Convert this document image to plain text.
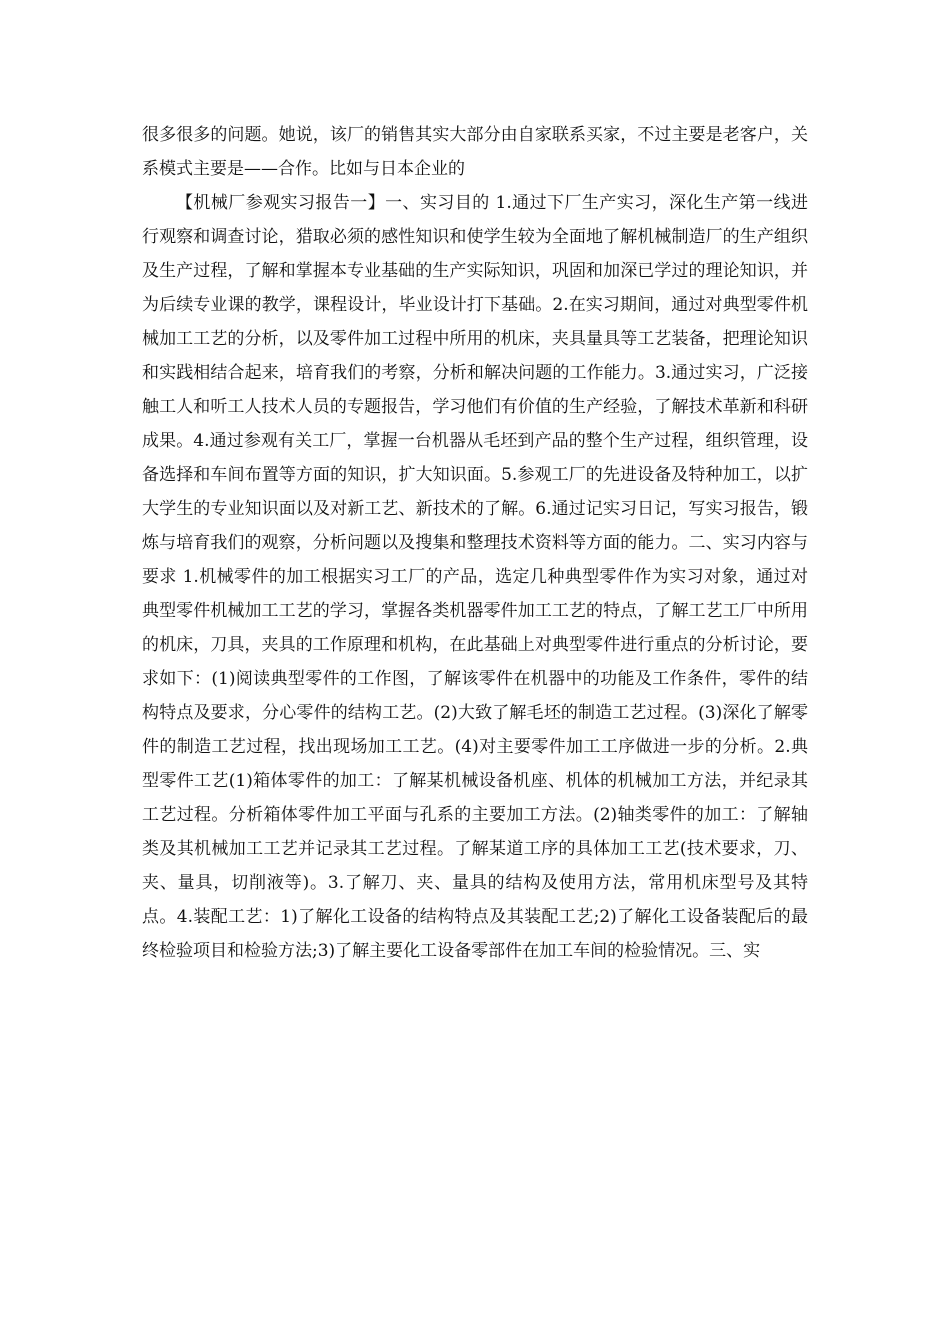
很多很多的问题。她说，该厂的销售其实大部分由自家联系买家，不过主要是老客户，关系模式主要是——合作。比如与日本企业的

【机械厂参观实习报告一】一、实习目的 1.通过下厂生产实习，深化生产第一线进行观察和调查讨论，猎取必须的感性知识和使学生较为全面地了解机械制造厂的生产组织及生产过程，了解和掌握本专业基础的生产实际知识，巩固和加深已学过的理论知识，并为后续专业课的教学，课程设计，毕业设计打下基础。2.在实习期间，通过对典型零件机械加工工艺的分析，以及零件加工过程中所用的机床，夹具量具等工艺装备，把理论知识和实践相结合起来，培育我们的考察，分析和解决问题的工作能力。3.通过实习，广泛接触工人和听工人技术人员的专题报告，学习他们有价值的生产经验，了解技术革新和科研成果。4.通过参观有关工厂，掌握一台机器从毛坯到产品的整个生产过程，组织管理，设备选择和车间布置等方面的知识，扩大知识面。5.参观工厂的先进设备及特种加工，以扩大学生的专业知识面以及对新工艺、新技术的了解。6.通过记实习日记，写实习报告，锻炼与培育我们的观察，分析问题以及搜集和整理技术资料等方面的能力。二、实习内容与要求 1.机械零件的加工根据实习工厂的产品，选定几种典型零件作为实习对象，通过对典型零件机械加工工艺的学习，掌握各类机器零件加工工艺的特点，了解工艺工厂中所用的机床，刀具，夹具的工作原理和机构，在此基础上对典型零件进行重点的分析讨论，要求如下：(1)阅读典型零件的工作图，了解该零件在机器中的功能及工作条件，零件的结构特点及要求，分心零件的结构工艺。(2)大致了解毛坯的制造工艺过程。(3)深化了解零件的制造工艺过程，找出现场加工工艺。(4)对主要零件加工工序做进一步的分析。2.典型零件工艺(1)箱体零件的加工：了解某机械设备机座、机体的机械加工方法，并纪录其工艺过程。分析箱体零件加工平面与孔系的主要加工方法。(2)轴类零件的加工：了解轴类及其机械加工工艺并记录其工艺过程。了解某道工序的具体加工工艺(技术要求，刀、夹、量具，切削液等)。3.了解刀、夹、量具的结构及使用方法，常用机床型号及其特点。4.装配工艺：1)了解化工设备的结构特点及其装配工艺;2)了解化工设备装配后的最终检验项目和检验方法;3)了解主要化工设备零部件在加工车间的检验情况。三、实
